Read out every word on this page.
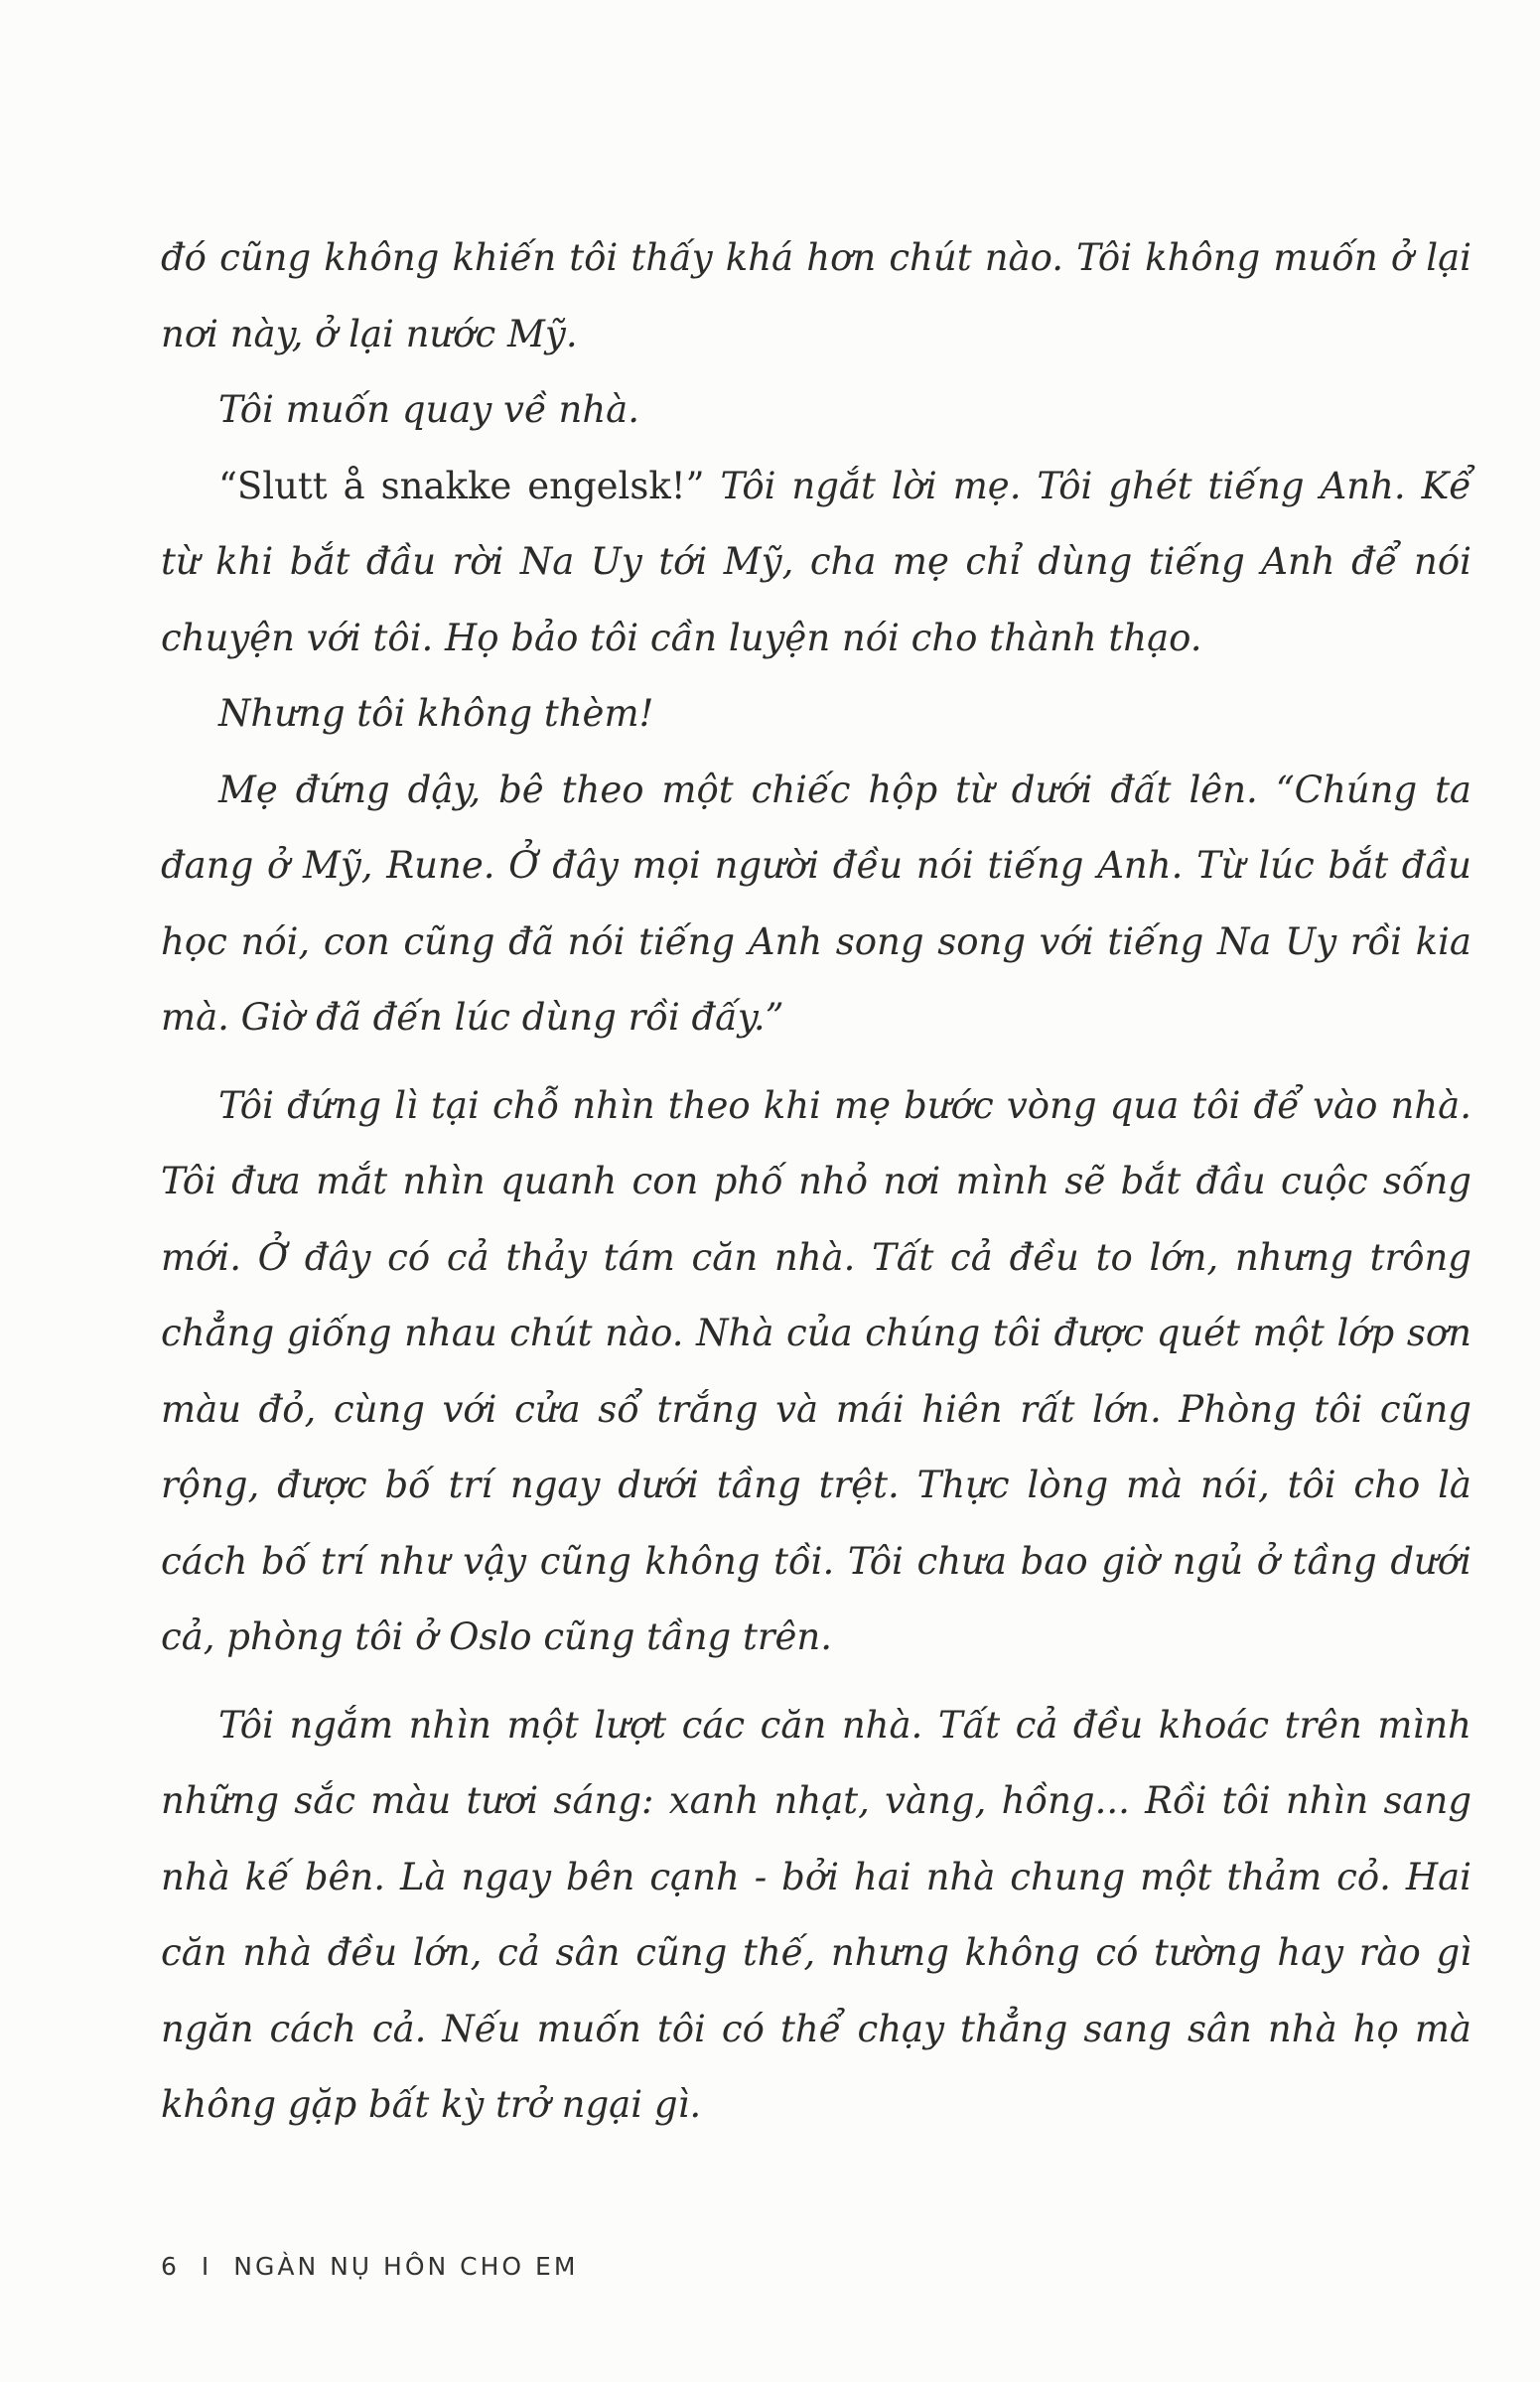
đó cũng không khiến tôi thấy khá hơn chút nào. Tôi không muốn ở lại nơi này, ở lại nước Mỹ.

Tôi muốn quay về nhà.

“Slutt å snakke engelsk!” Tôi ngắt lời mẹ. Tôi ghét tiếng Anh. Kể từ khi bắt đầu rời Na Uy tới Mỹ, cha mẹ chỉ dùng tiếng Anh để nói chuyện với tôi. Họ bảo tôi cần luyện nói cho thành thạo.

Nhưng tôi không thèm!

Mẹ đứng dậy, bê theo một chiếc hộp từ dưới đất lên. “Chúng ta đang ở Mỹ, Rune. Ở đây mọi người đều nói tiếng Anh. Từ lúc bắt đầu học nói, con cũng đã nói tiếng Anh song song với tiếng Na Uy rồi kia mà. Giờ đã đến lúc dùng rồi đấy.”

Tôi đứng lì tại chỗ nhìn theo khi mẹ bước vòng qua tôi để vào nhà. Tôi đưa mắt nhìn quanh con phố nhỏ nơi mình sẽ bắt đầu cuộc sống mới. Ở đây có cả thảy tám căn nhà. Tất cả đều to lớn, nhưng trông chẳng giống nhau chút nào. Nhà của chúng tôi được quét một lớp sơn màu đỏ, cùng với cửa sổ trắng và mái hiên rất lớn. Phòng tôi cũng rộng, được bố trí ngay dưới tầng trệt. Thực lòng mà nói, tôi cho là cách bố trí như vậy cũng không tồi. Tôi chưa bao giờ ngủ ở tầng dưới cả, phòng tôi ở Oslo cũng tầng trên.

Tôi ngắm nhìn một lượt các căn nhà. Tất cả đều khoác trên mình những sắc màu tươi sáng: xanh nhạt, vàng, hồng... Rồi tôi nhìn sang nhà kế bên. Là ngay bên cạnh - bởi hai nhà chung một thảm cỏ. Hai căn nhà đều lớn, cả sân cũng thế, nhưng không có tường hay rào gì ngăn cách cả. Nếu muốn tôi có thể chạy thẳng sang sân nhà họ mà không gặp bất kỳ trở ngại gì.

6 I NGÀN NỤ HÔN CHO EM
